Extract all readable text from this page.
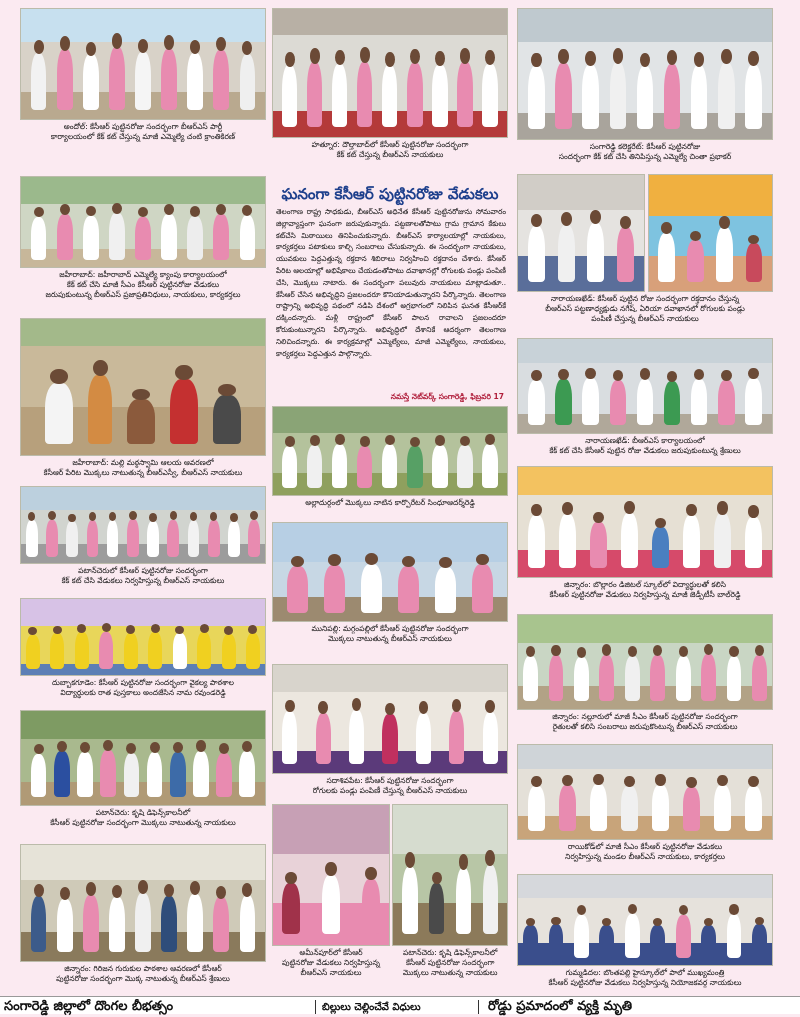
అందోల్: కేసీఆర్ పుట్టినరోజు సందర్భంగా బీఆర్ఎస్ పార్టీ
కార్యాలయంలో కేక్ కట్ చేస్తున్న మాజీ ఎమ్మెల్యే చంటి క్రాంతికిరణ్
జహీరాబాద్: జహీరాబాద్ ఎమ్మెల్యే క్యాంపు కార్యాలయంలో
కేక్ కట్ చేసి మాజీ సీఎం కేసీఆర్ పుట్టినరోజు వేడుకలు
జరుపుకుంటున్న బీఆర్ఎస్ ప్రజాప్రతినిధులు, నాయకులు, కార్యకర్తలు
జహీరాబాద్: మల్లి మఠ్ఠస్వామి ఆలయ ఆవరణలో
కేసీఆర్ పేరిట మొక్కలు నాటుతున్న బీఆర్ఎస్వీ, బీఆర్ఎస్ నాయకులు
పటాన్‌చెరులో కేసీఆర్ పుట్టినరోజు సందర్భంగా
కేక్ కట్ చేసి వేడుకలు నిర్వహిస్తున్న బీఆర్ఎస్ నాయకులు
దుబ్బాకగూడెం: కేసీఆర్ పుట్టినరోజు సందర్భంగా వైకల్య పాఠశాల
విద్యార్థులకు రాత పుస్తకాలు అందజేసిన నామ రవుండరెడ్డి
పటాన్‌చెరు: కృషి డిఫెన్స్‌కాలనీలో
కేసీఆర్ పుట్టినరోజు సందర్భంగా మొక్కలు నాటుతున్న నాయకులు
జిన్నారం: గిరిజన గురుకుల పాఠశాల ఆవరణలో కేసీఆర్
పుట్టినరోజు సందర్భంగా మొక్క నాటుతున్న బీఆర్ఎస్ శ్రేణులు
హత్నూర: దౌల్తాబాద్‌లో కేసీఆర్ పుట్టినరోజు సందర్భంగా
కేక్ కట్ చేస్తున్న బీఆర్ఎస్ నాయకులు
ఘనంగా కేసీఆర్ పుట్టినరోజు వేడుకలు
తెలంగాణ రాష్ట్ర సాధకుడు, బీఆర్ఎస్ అధినేత కేసీఆర్ పుట్టినరోజును సోమవారం జిల్లావ్యాప్తంగా ఘనంగా జరుపుకున్నారు. పట్టణాలతోపాటు గ్రామ గ్రామాన కేకులు కట్‌చేసి మిఠాయిలు తినిపించుకున్నారు. బీఆర్ఎస్ కార్యాలయాల్లో నాయకులు, కార్యకర్తలు పటాకులు కాల్చి సంబరాలు చేసుకున్నారు. ఈ సందర్భంగా నాయకులు, యువకులు పెద్దఎత్తున్న రక్తదాన శిబిరాలు నిర్వహించి రక్తదానం చేశారు. కేసీఆర్ పేరిట ఆలయాల్లో అభిషేకాలు చేయడంతోపాటు దవాఖానల్లో రోగులకు పండ్లు పంపిణీ చేసి, మొక్కలు నాటారు. ఈ సందర్భంగా పలువురు నాయకులు మాట్లాడుతూ.. కేసీఆర్ చేసిన అభివృద్ధిని ప్రజలందరూ కొనియాడుతున్నారని పేర్కొన్నారు. తెలంగాణ రాష్ట్రాన్ని అభివృద్ధి పథంలో నడిపి దేశంలో అగ్రభాగంలో నిలిపిన ఘనత కేసీఆర్‌కే దక్కిందన్నారు. మళ్లీ రాష్ట్రంలో కేసీఆర్ పాలన రావాలని ప్రజలందరూ కోరుకుంటున్నారని పేర్కొన్నారు. అభివృద్ధిలో దేశానికే ఆదర్శంగా తెలంగాణ నిలిచిందన్నారు. ఈ కార్యక్రమాల్లో ఎమ్మెల్యేలు, మాజీ ఎమ్మెల్యేలు, నాయకులు, కార్యకర్తలు పెద్దఎత్తున పాల్గొన్నారు.
నమస్తే నెట్‌వర్క్ సంగారెడ్డి, ఫిబ్రవరి 17
అల్లాదుర్గంలో మొక్కలు నాటిన కార్పొరేటర్ సింధూఆదర్శ్‌రెడ్డి
మునిపల్లి: మగ్గంపల్లిలో కేసీఆర్ పుట్టినరోజు సందర్భంగా
మొక్కలు నాటుతున్న బీఆర్ఎస్ నాయకులు
సదాశివపేట: కేసీఆర్ పుట్టినరోజు సందర్భంగా
రోగులకు పండ్లు పంపిణీ చేస్తున్న బీఆర్ఎస్ నాయకులు
అమీన్‌పూర్‌లో కేసీఆర్
పుట్టినరోజు వేడుకలు నిర్వహిస్తున్న
బీఆర్ఎస్ నాయకులు
పటాన్‌చెరు: కృషి డిఫెన్స్‌కాలనీలో
కేసీఆర్ పుట్టినరోజు సందర్భంగా
మొక్కలు నాటుతున్న నాయకులు
సంగారెడ్డి కలెక్టరేట్: కేసీఆర్ పుట్టినరోజు
సందర్భంగా కేక్ కట్ చేసి తినిపిస్తున్న ఎమ్మెల్యే చింతా ప్రభాకర్
నారాయణఖేడ్: కేసీఆర్ పుట్టిన రోజు సందర్భంగా రక్తదానం చేస్తున్న
బీఆర్ఎస్ పట్టణాధ్యక్షుడు నగేష్, ఏరియా దవాఖానలో రోగులకు పండ్లు
పంపిణీ చేస్తున్న బీఆర్ఎస్ నాయకులు
నారాయణఖేడ్: బీఆర్ఎస్ కార్యాలయంలో
కేక్ కట్ చేసి కేసీఆర్ పుట్టిన రోజు వేడుకలు జరుపుకుంటున్న శ్రేణులు
జిన్నారం: బొల్లారం డిజిటల్ స్కూల్‌లో విద్యార్థులతో కలిసి
కేసీఆర్ పుట్టినరోజు వేడుకలు నిర్వహిస్తున్న మాజీ జెడ్పీటీసీ బాల్‌రెడ్డి
జిన్నారం: నల్లూరులో మాజీ సీఎం కేసీఆర్ పుట్టినరోజు సందర్భంగా
రైతులతో కలిసి సంబరాలు జరుపుకొంటున్న బీఆర్ఎస్ నాయకులు
రాయికోడ్‌లో మాజీ సీఎం కేసీఆర్ పుట్టినరోజు వేడుకలు
నిర్వహిస్తున్న మండల బీఆర్ఎస్ నాయకులు, కార్యకర్తలు
గుమ్మడిదల: బొంతపల్లి హైస్కూల్‌లో పాలో ముఖ్యమంత్రి
కేసీఆర్ పుట్టినరోజు వేడుకలు నిర్వహిస్తున్న నియోజకవర్గ నాయకులు
సంగారెడ్డి జిల్లాలో దొంగల బీభత్సం	బిల్లులు చెల్లించేవే విధులు	రోడ్డు ప్రమాదంలో వ్యక్తి మృతి
